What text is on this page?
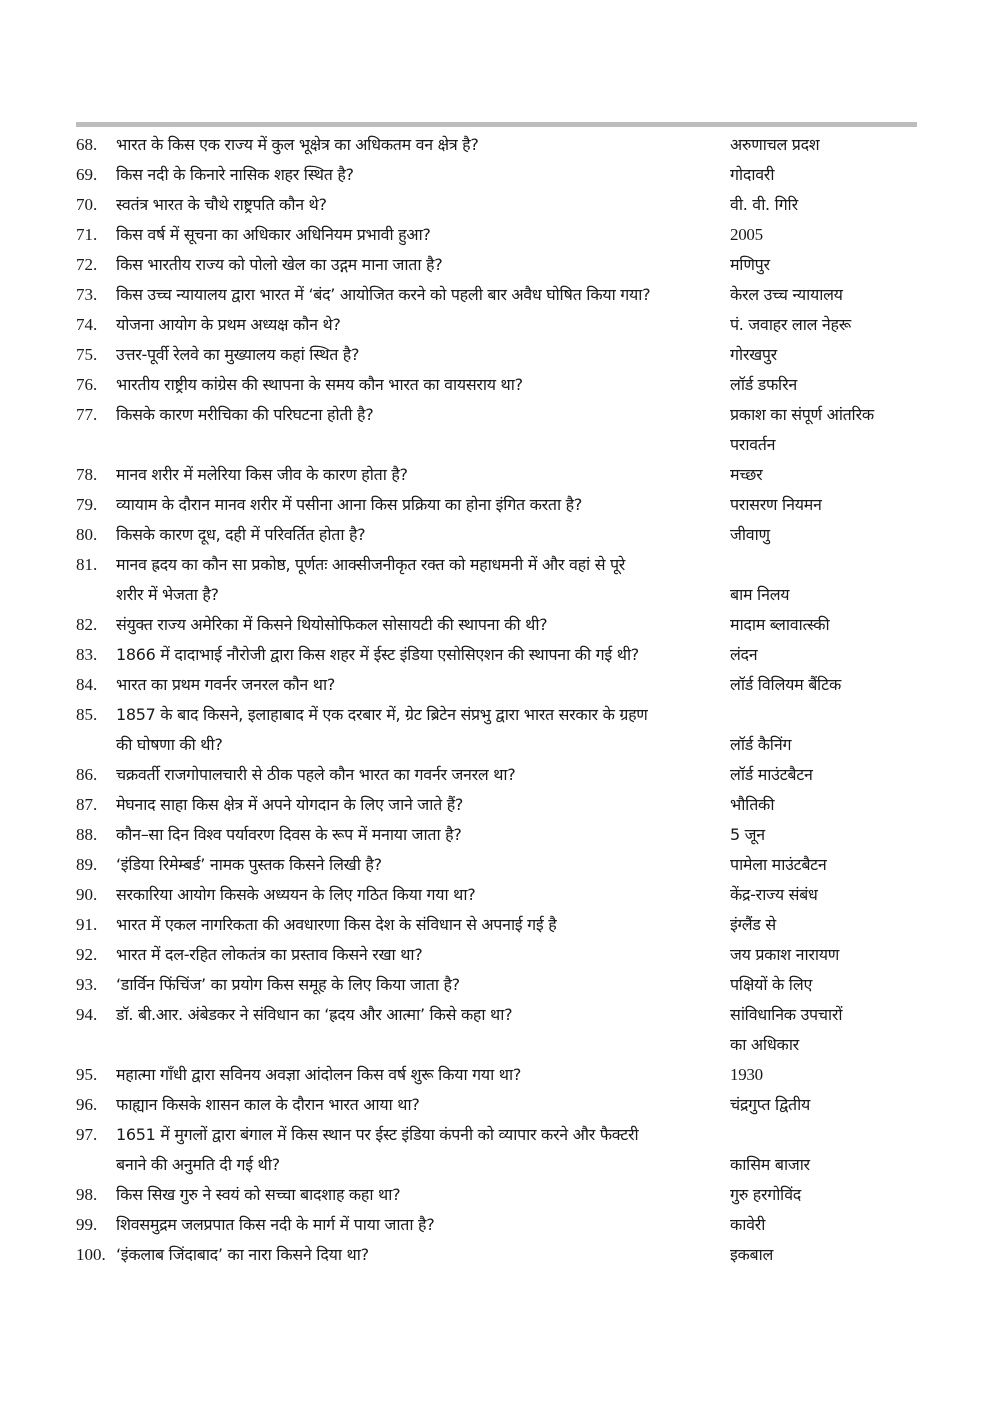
68.	भारत के किस एक राज्य में कुल भूक्षेत्र का अधिकतम वन क्षेत्र है?	अरुणाचल प्रदश
69.	किस नदी के किनारे नासिक शहर स्थित है?	गोदावरी
70.	स्वतंत्र भारत के चौथे राष्ट्रपति कौन थे?	वी. वी. गिरि
71.	किस वर्ष में सूचना का अधिकार अधिनियम प्रभावी हुआ?	2005
72.	किस भारतीय राज्य को पोलो खेल का उद्गम माना जाता है?	मणिपुर
73.	किस उच्च न्यायालय द्वारा भारत में ‘बंद’ आयोजित करने को पहली बार अवैध घोषित किया गया?	केरल उच्च न्यायालय
74.	योजना आयोग के प्रथम अध्यक्ष कौन थे?	पं. जवाहर लाल नेहरू
75.	उत्तर-पूर्वी रेलवे का मुख्यालय कहां स्थित है?	गोरखपुर
76.	भारतीय राष्ट्रीय कांग्रेस की स्थापना के समय कौन भारत का वायसराय था?	लॉर्ड डफरिन
77.	किसके कारण मरीचिका की परिघटना होती है?	प्रकाश का संपूर्ण आंतरिक
परावर्तन
78.	मानव शरीर में मलेरिया किस जीव के कारण होता है?	मच्छर
79.	व्यायाम के दौरान मानव शरीर में पसीना आना किस प्रक्रिया का होना इंगित करता है?	परासरण नियमन
80.	किसके कारण दूध, दही में परिवर्तित होता है?	जीवाणु
81.	मानव ह्रदय का कौन सा प्रकोष्ठ, पूर्णतः आक्सीजनीकृत रक्त को महाधमनी में और वहां से पूरे
शरीर में भेजता है?	बाम निलय
82.	संयुक्त राज्य अमेरिका में किसने थियोसोफिकल सोसायटी की स्थापना की थी?	मादाम ब्लावात्स्की
83.	1866 में दादाभाई नौरोजी द्वारा किस शहर में ईस्ट इंडिया एसोसिएशन की स्थापना की गई थी?	लंदन
84.	भारत का प्रथम गवर्नर जनरल कौन था?	लॉर्ड विलियम बैंटिक
85.	1857 के बाद किसने, इलाहाबाद में एक दरबार में, ग्रेट ब्रिटेन संप्रभु द्वारा भारत सरकार के ग्रहण
की घोषणा की थी?	लॉर्ड कैनिंग
86.	चक्रवर्ती राजगोपालचारी से ठीक पहले कौन भारत का गवर्नर जनरल था?	लॉर्ड माउंटबैटन
87.	मेघनाद साहा किस क्षेत्र में अपने योगदान के लिए जाने जाते हैं?	भौतिकी
88.	कौन–सा दिन विश्व पर्यावरण दिवस के रूप में मनाया जाता है?	5 जून
89.	‘इंडिया रिमेम्बर्ड’ नामक पुस्तक किसने लिखी है?	पामेला माउंटबैटन
90.	सरकारिया आयोग किसके अध्ययन के लिए गठित किया गया था?	केंद्र-राज्य संबंध
91.	भारत में एकल नागरिकता की अवधारणा किस देश के संविधान से अपनाई गई है	इंग्लैंड से
92.	भारत में दल-रहित लोकतंत्र का प्रस्ताव किसने रखा था?	जय प्रकाश नारायण
93.	‘डार्विन फिंचिंज’ का प्रयोग किस समूह के लिए किया जाता है?	पक्षियों के लिए
94.	डॉ. बी.आर. अंबेडकर ने संविधान का ‘ह्रदय और आत्मा’ किसे कहा था?	सांविधानिक उपचारों
का अधिकार
95.	महात्मा गाँधी द्वारा सविनय अवज्ञा आंदोलन किस वर्ष शुरू किया गया था?	1930
96.	फाह्यान किसके शासन काल के दौरान भारत आया था?	चंद्रगुप्त द्वितीय
97.	1651 में मुगलों द्वारा बंगाल में किस स्थान पर ईस्ट इंडिया कंपनी को व्यापार करने और फैक्टरी
बनाने की अनुमति दी गई थी?	कासिम बाजार
98.	किस सिख गुरु ने स्वयं को सच्चा बादशाह कहा था?	गुरु हरगोविंद
99.	शिवसमुद्रम जलप्रपात किस नदी के मार्ग में पाया जाता है?	कावेरी
100. ‘इंकलाब जिंदाबाद’ का नारा किसने दिया था?	इकबाल
